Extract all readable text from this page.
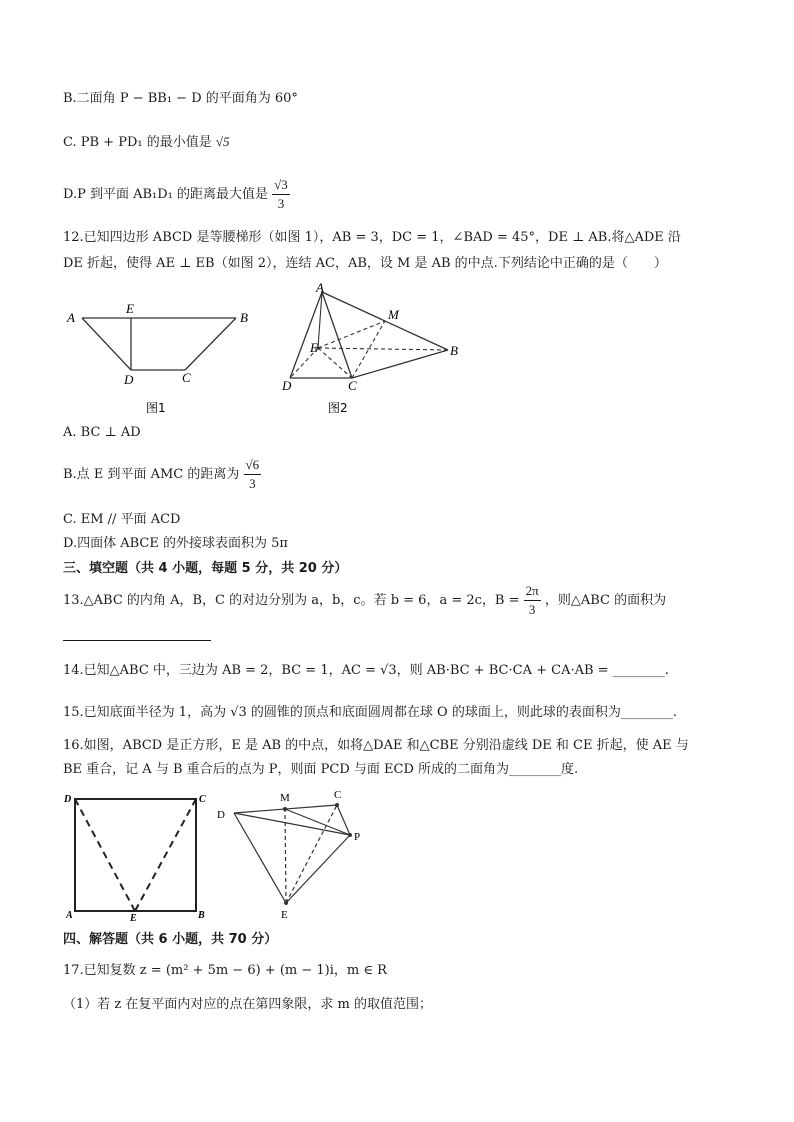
B.二面角 P − BB₁ − D 的平面角为 60°
C. PB + PD₁ 的最小值是 √5
D.P 到平面 AB₁D₁ 的距离最大值是 $\frac{√3}{3}$
12.已知四边形 ABCD 是等腰梯形（如图 1），AB = 3，DC = 1，∠BAD = 45°，DE ⊥ AB.将△ADE 沿
DE 折起，使得 AE ⊥ EB（如图 2），连结 AC，AB，设 M 是 AB 的中点.下列结论中正确的是（　　）
A
E
B
D	C
图1
A
M
E	B
D	C
图2
A. BC ⊥ AD
B.点 E 到平面 AMC 的距离为 $\frac{√6}{3}$
C. EM // 平面 ACD
D.四面体 ABCE 的外接球表面积为 5π
三、填空题（共 4 小题，每题 5 分，共 20 分）
13.△ABC 的内角 A，B，C 的对边分别为 a，b，c。若 b = 6，a = 2c，$B = \frac{2\pi}{3}$ ，则△ABC 的面积为
14.已知△ABC 中，三边为 AB = 2，BC = 1，AC = √3，则 AB·BC + BC·CA + CA·AB = ________.
15.已知底面半径为 1，高为 √3 的圆锥的顶点和底面圆周都在球 O 的球面上，则此球的表面积为________.
16.如图，ABCD 是正方形，E 是 AB 的中点，如将△DAE 和△CBE 分别沿虚线 DE 和 CE 折起，使 AE 与
BE 重合，记 A 与 B 重合后的点为 P，则面 PCD 与面 ECD 所成的二面角为________度.
D	C
A	E	B
M	C
D
P
E
四、解答题（共 6 小题，共 70 分）
17.已知复数 z = (m² + 5m − 6) + (m − 1)i，m ∈ R
（1）若 z 在复平面内对应的点在第四象限，求 m 的取值范围；
